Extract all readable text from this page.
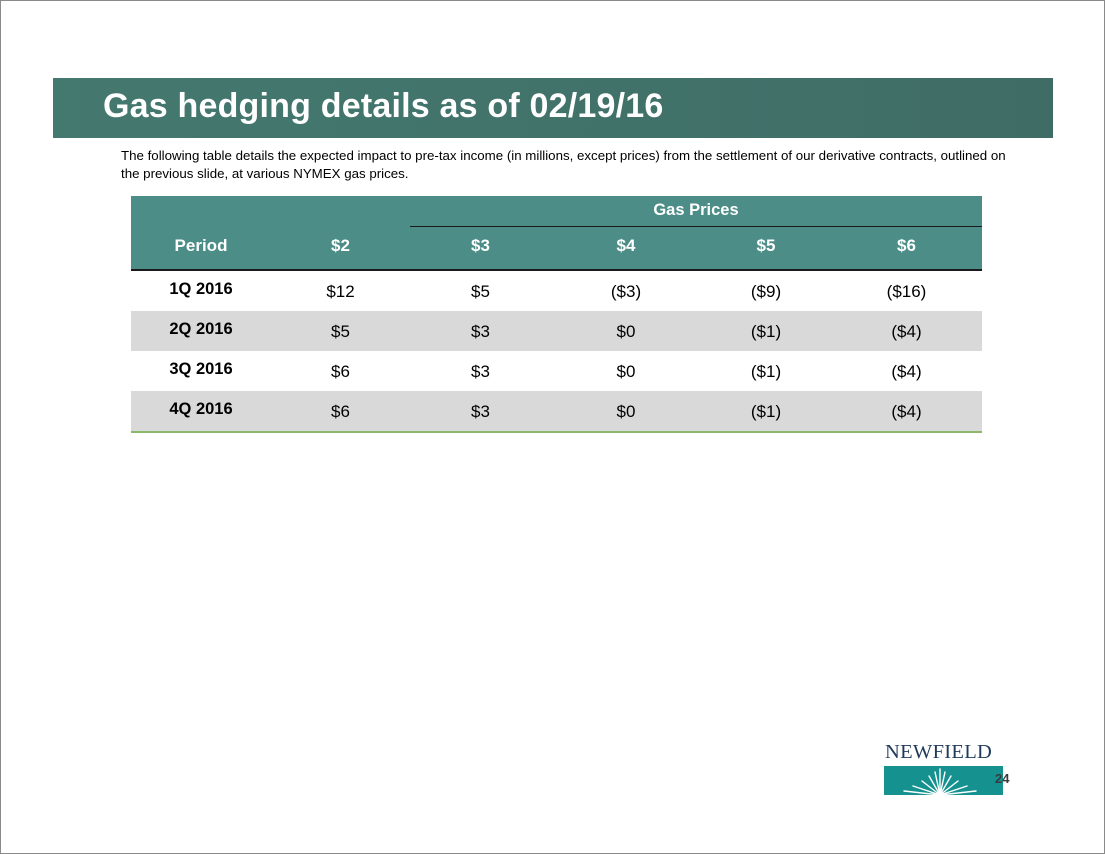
Gas hedging details as of 02/19/16
The following table details the expected impact to pre-tax income (in millions, except prices) from the settlement of our derivative contracts, outlined on the previous slide, at various NYMEX gas prices.
Gas Prices
Period	$2	$3	$4	$5	$6
1Q 2016	$12	$5	($3)	($9)	($16)
2Q 2016	$5	$3	$0	($1)	($4)
3Q 2016	$6	$3	$0	($1)	($4)
4Q 2016	$6	$3	$0	($1)	($4)
NEWFIELD
24
